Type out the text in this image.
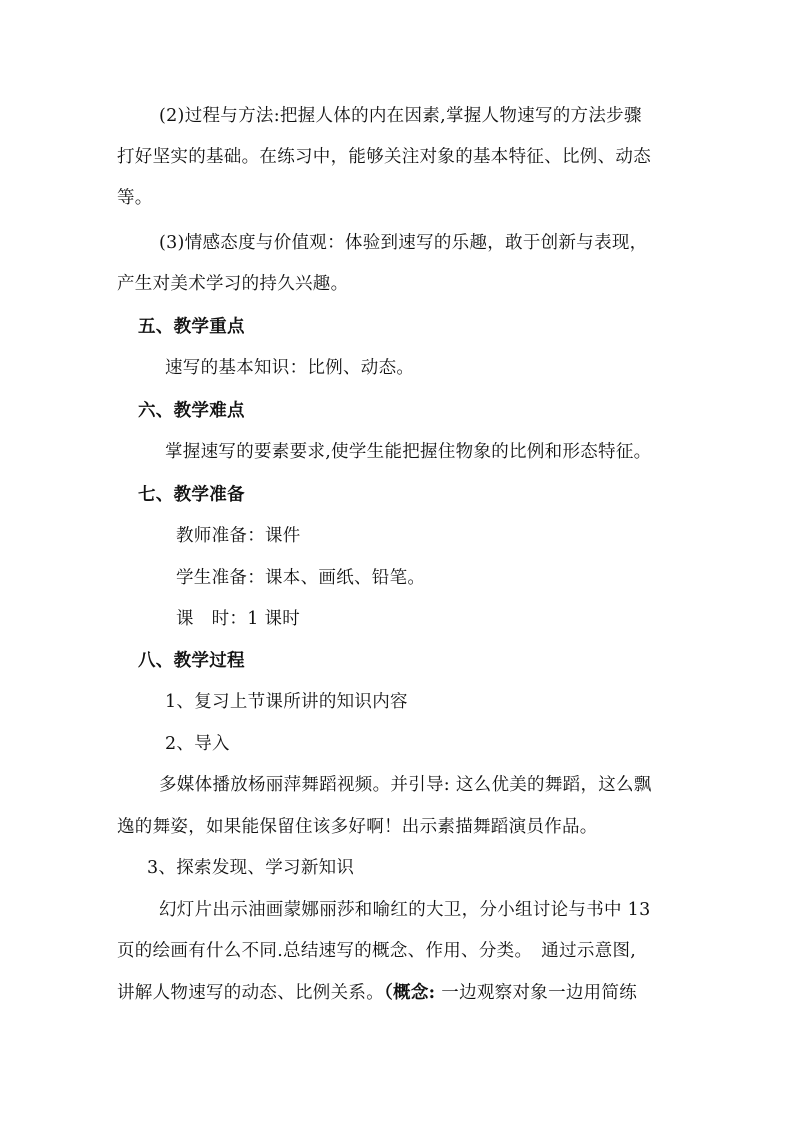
(2)过程与方法:把握人体的内在因素,掌握人物速写的方法步骤
打好坚实的基础。在练习中，能够关注对象的基本特征、比例、动态
等。
(3)情感态度与价值观：体验到速写的乐趣，敢于创新与表现，
产生对美术学习的持久兴趣。
五、教学重点
速写的基本知识：比例、动态。
六、教学难点
掌握速写的要素要求,使学生能把握住物象的比例和形态特征。
七、教学准备
教师准备：课件
学生准备：课本、画纸、铅笔。
课　时：1 课时
八、教学过程
1、复习上节课所讲的知识内容
2、导入
多媒体播放杨丽萍舞蹈视频。并引导: 这么优美的舞蹈，这么飘
逸的舞姿，如果能保留住该多好啊！出示素描舞蹈演员作品。
3、探索发现、学习新知识
幻灯片出示油画蒙娜丽莎和喻红的大卫，分小组讨论与书中 13
页的绘画有什么不同.总结速写的概念、作用、分类。　通过示意图,
讲解人物速写的动态、比例关系。（概念: 一边观察对象一边用简练
